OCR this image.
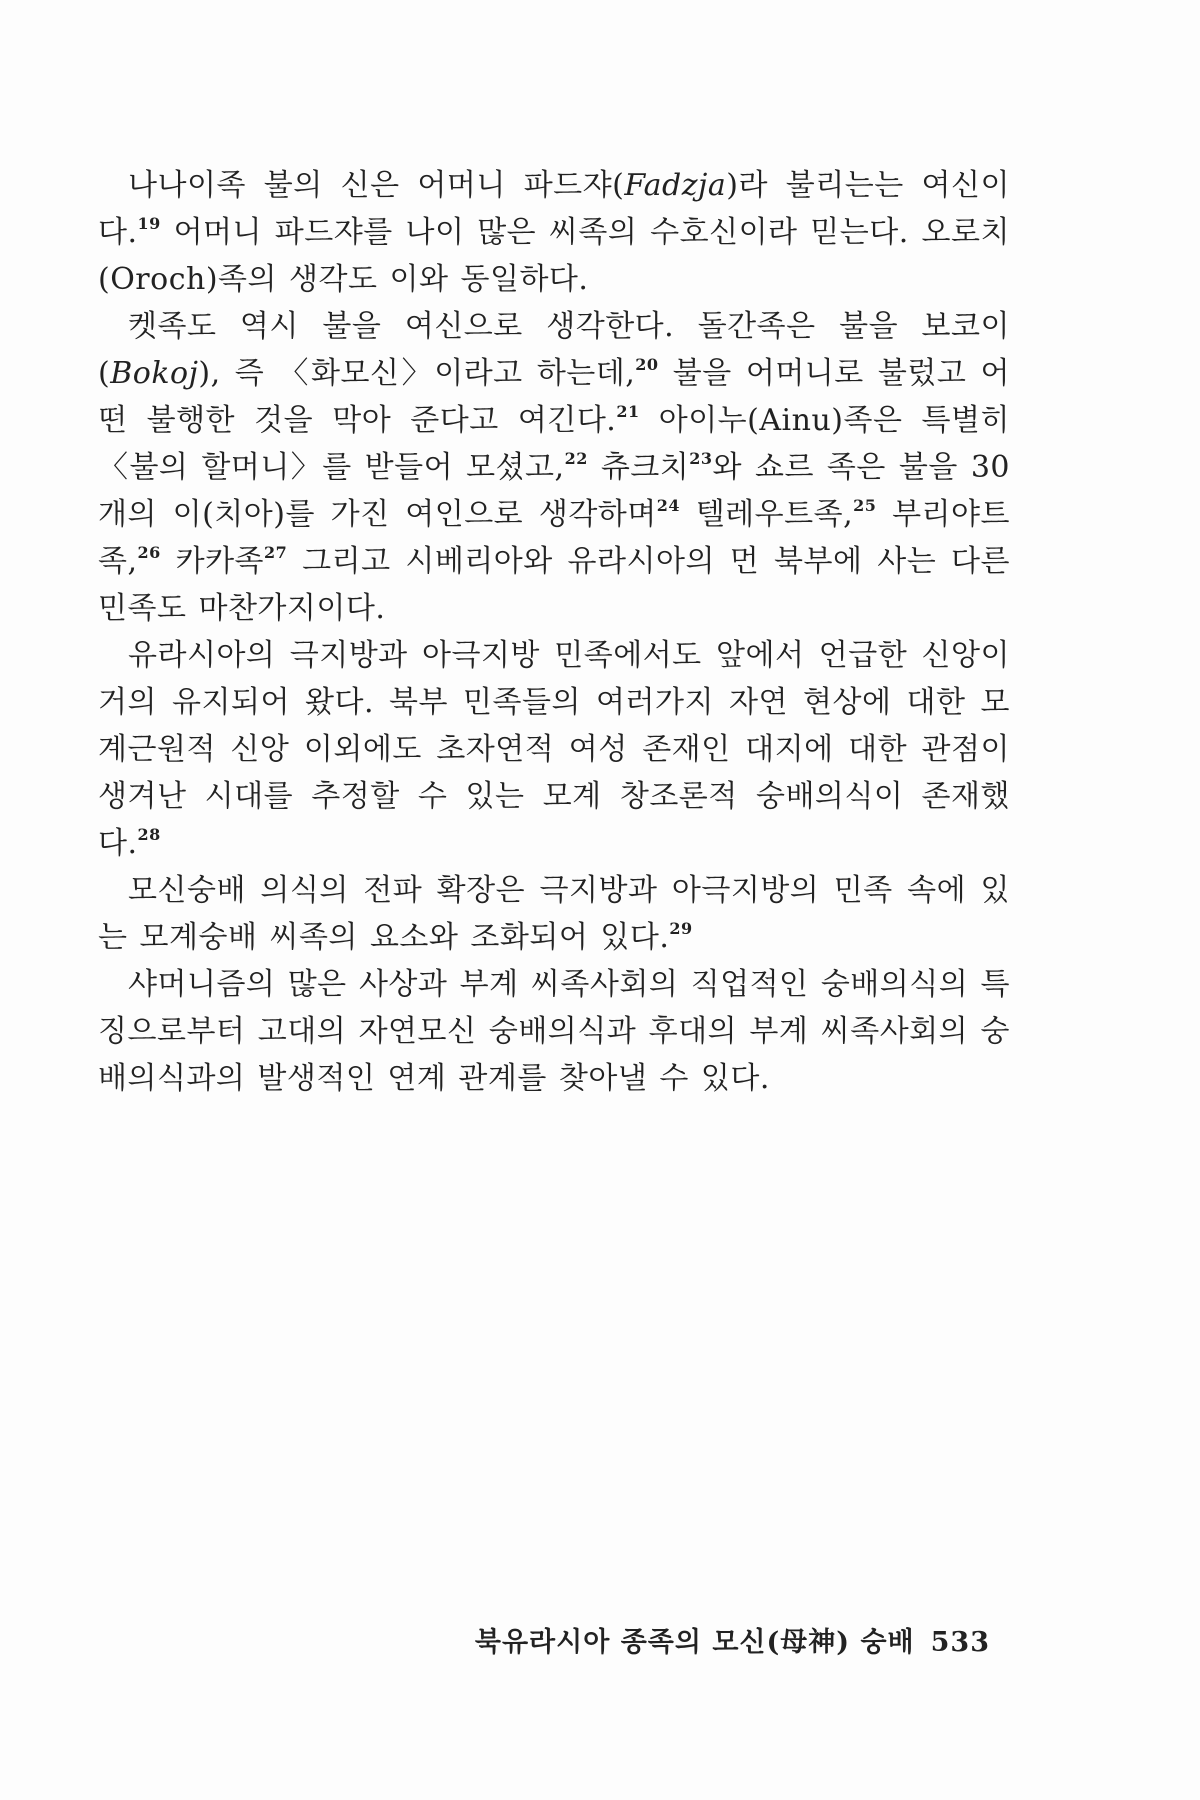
나나이족 불의 신은 어머니 파드쟈(Fadzja)라 불리는는 여신이다.$^{19}$ 어머니 파드쟈를 나이 많은 씨족의 수호신이라 믿는다. 오로치(Oroch)족의 생각도 이와 동일하다.

켓족도 역시 불을 여신으로 생각한다. 돌간족은 불을 보코이(Bokoj), 즉 〈화모신〉이라고 하는데,$^{20}$ 불을 어머니로 불렀고 어떤 불행한 것을 막아 준다고 여긴다.$^{21}$ 아이누(Ainu)족은 특별히 〈불의 할머니〉를 받들어 모셨고,$^{22}$ 츄크치$^{23}$와 쇼르 족은 불을 30개의 이(치아)를 가진 여인으로 생각하며$^{24}$ 텔레우트족,$^{25}$ 부리야트족,$^{26}$ 카카족$^{27}$ 그리고 시베리아와 유라시아의 먼 북부에 사는 다른 민족도 마찬가지이다.

유라시아의 극지방과 아극지방 민족에서도 앞에서 언급한 신앙이 거의 유지되어 왔다. 북부 민족들의 여러가지 자연 현상에 대한 모계근원적 신앙 이외에도 초자연적 여성 존재인 대지에 대한 관점이 생겨난 시대를 추정할 수 있는 모계 창조론적 숭배의식이 존재했다.$^{28}$

모신숭배 의식의 전파 확장은 극지방과 아극지방의 민족 속에 있는 모계숭배 씨족의 요소와 조화되어 있다.$^{29}$

샤머니즘의 많은 사상과 부계 씨족사회의 직업적인 숭배의식의 특징으로부터 고대의 자연모신 숭배의식과 후대의 부계 씨족사회의 숭배의식과의 발생적인 연계 관계를 찾아낼 수 있다.

북유라시아 종족의 모신(母神) 숭배 533
